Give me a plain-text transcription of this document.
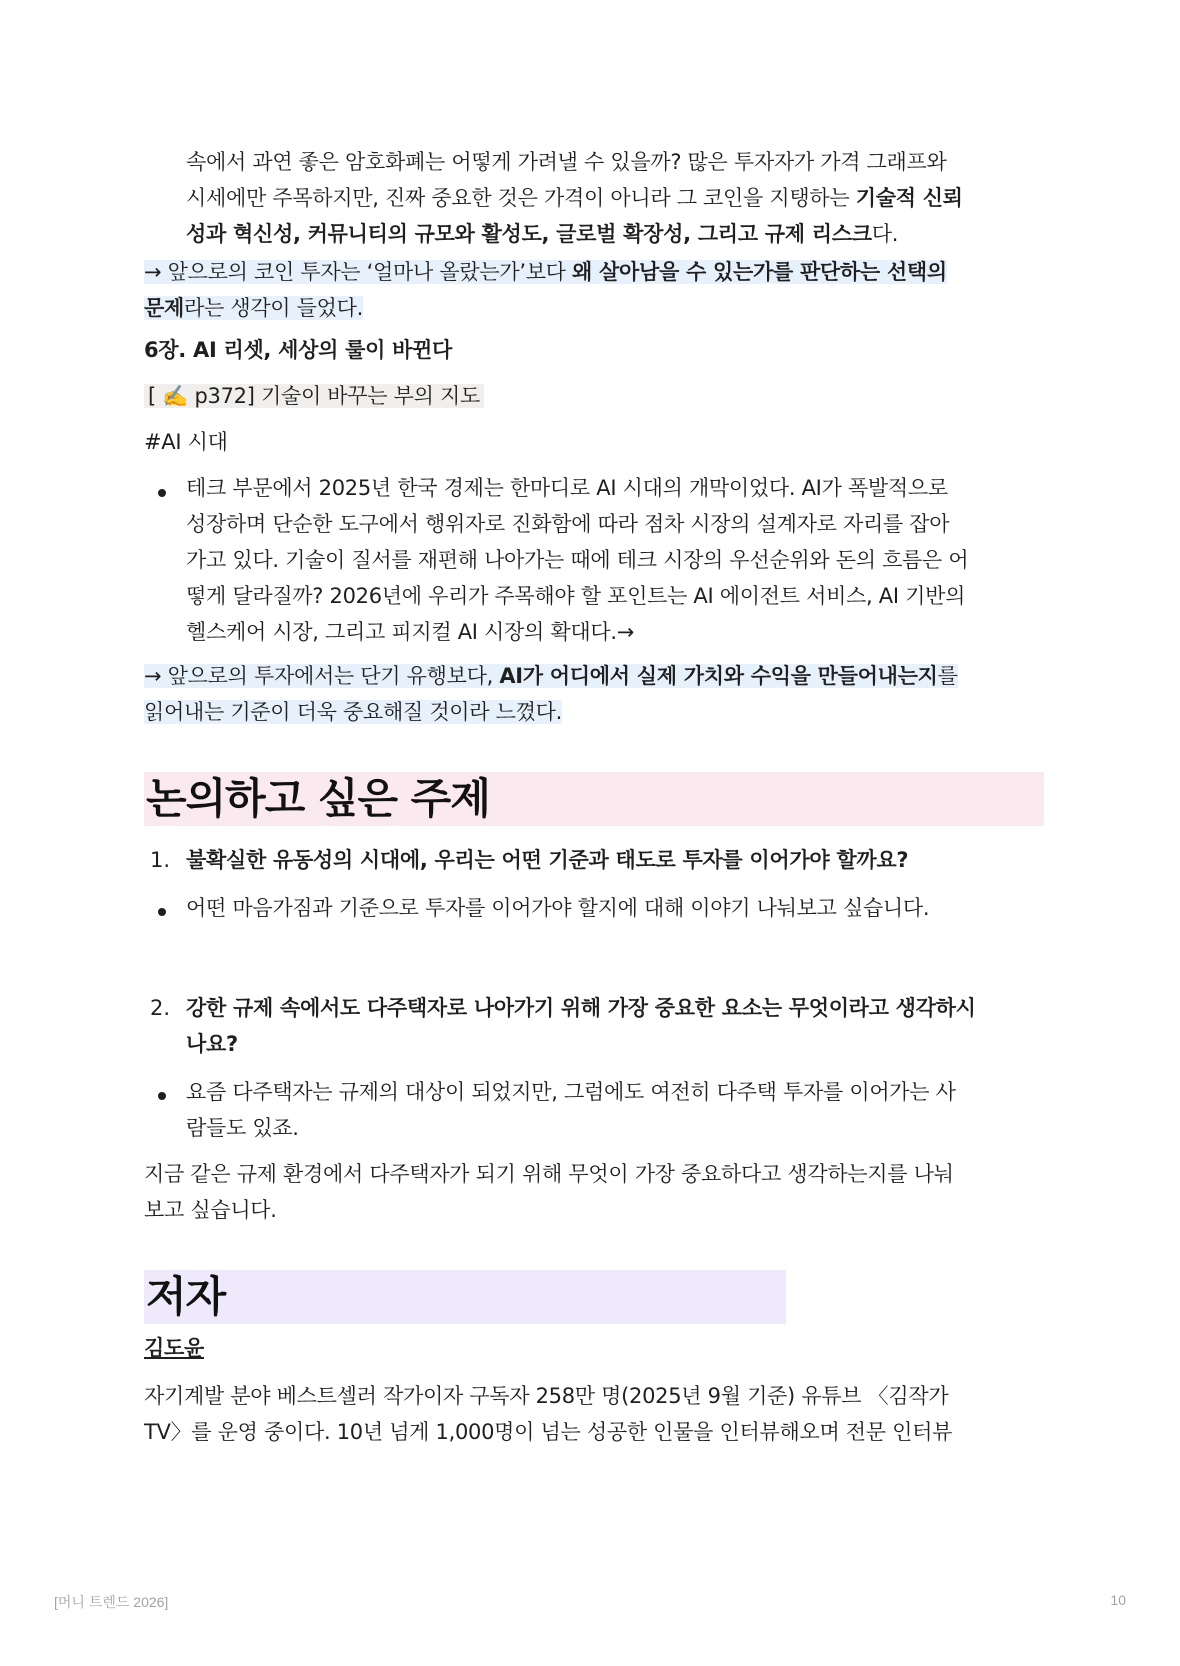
속에서 과연 좋은 암호화폐는 어떻게 가려낼 수 있을까? 많은 투자자가 가격 그래프와
시세에만 주목하지만, 진짜 중요한 것은 가격이 아니라 그 코인을 지탱하는 기술적 신뢰
성과 혁신성, 커뮤니티의 규모와 활성도, 글로벌 확장성, 그리고 규제 리스크다.
→ 앞으로의 코인 투자는 ‘얼마나 올랐는가’보다 왜 살아남을 수 있는가를 판단하는 선택의
문제라는 생각이 들었다.
6장. AI 리셋, 세상의 룰이 바뀐다
[ ✍️ p372] 기술이 바꾸는 부의 지도
#AI 시대
테크 부문에서 2025년 한국 경제는 한마디로 AI 시대의 개막이었다. AI가 폭발적으로
성장하며 단순한 도구에서 행위자로 진화함에 따라 점차 시장의 설계자로 자리를 잡아
가고 있다. 기술이 질서를 재편해 나아가는 때에 테크 시장의 우선순위와 돈의 흐름은 어
떻게 달라질까? 2026년에 우리가 주목해야 할 포인트는 AI 에이전트 서비스, AI 기반의
헬스케어 시장, 그리고 피지컬 AI 시장의 확대다.→
→ 앞으로의 투자에서는 단기 유행보다, AI가 어디에서 실제 가치와 수익을 만들어내는지를
읽어내는 기준이 더욱 중요해질 것이라 느꼈다.
논의하고 싶은 주제
1. 불확실한 유동성의 시대에, 우리는 어떤 기준과 태도로 투자를 이어가야 할까요?
어떤 마음가짐과 기준으로 투자를 이어가야 할지에 대해 이야기 나눠보고 싶습니다.
2. 강한 규제 속에서도 다주택자로 나아가기 위해 가장 중요한 요소는 무엇이라고 생각하시
나요?
요즘 다주택자는 규제의 대상이 되었지만, 그럼에도 여전히 다주택 투자를 이어가는 사
람들도 있죠.
지금 같은 규제 환경에서 다주택자가 되기 위해 무엇이 가장 중요하다고 생각하는지를 나눠
보고 싶습니다.
저자
김도윤
자기계발 분야 베스트셀러 작가이자 구독자 258만 명(2025년 9월 기준) 유튜브 〈김작가
TV〉를 운영 중이다. 10년 넘게 1,000명이 넘는 성공한 인물을 인터뷰해오며 전문 인터뷰
[머니 트렌드 2026]	10
